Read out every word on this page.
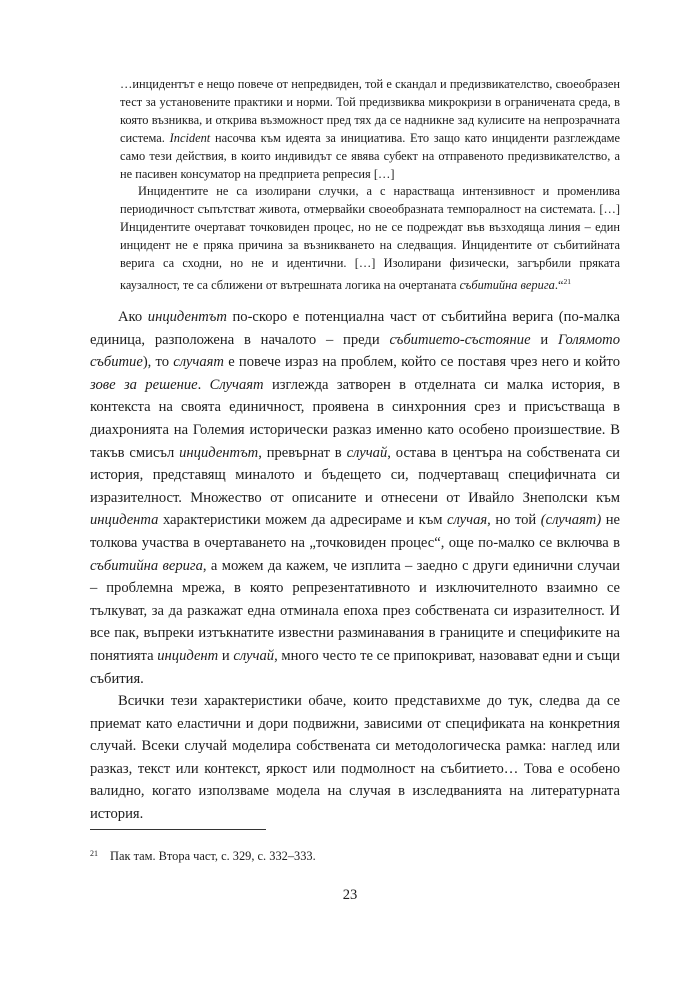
…инцидентът е нещо повече от непредвиден, той е скандал и предизвикателство, своеобразен тест за установените практики и норми. Той предизвиква микрокризи в ограничената среда, в която възниква, и открива възможност пред тях да се надникне зад кулисите на непрозрачната система. Incident насочва към идеята за инициатива. Ето защо като инциденти разглеждаме само тези действия, в които индивидът се явява субект на отправеното предизвикателство, а не пасивен консуматор на предприета репресия […]

Инцидентите не са изолирани случки, а с нарастваща интензивност и променлива периодичност съпътстват живота, отмервайки своеобразната темпоралност на системата. […] Инцидентите очертават точковиден процес, но не се подреждат във възходяща линия – един инцидент не е пряка причина за възникването на следващия. Инцидентите от събитийната верига са сходни, но не и идентични. […] Изолирани физически, загърбили пряката каузалност, те са сближени от вътрешната логика на очертаната събитийна верига.“$^{21}$

Ако инцидентът по-скоро е потенциална част от събитийна верига (по-малка единица, разположена в началото – преди събитието-състояние и Голямото събитие), то случаят е повече израз на проблем, който се поставя чрез него и който зове за решение. Случаят изглежда затворен в отделната си малка история, в контекста на своята единичност, проявена в синхронния срез и присъстваща в диахронията на Големия исторически разказ именно като особено произшествие. В такъв смисъл инцидентът, превърнат в случай, остава в центъра на собствената си история, представящ миналото и бъдещето си, подчертаващ специфичната си изразителност. Множество от описаните и отнесени от Ивайло Знеполски към инцидента характеристики можем да адресираме и към случая, но той (случаят) не толкова участва в очертаването на „точковиден процес“, още по-малко се включва в събитийна верига, а можем да кажем, че изплита – заедно с други единични случаи – проблемна мрежа, в която репрезентативното и изключителното взаимно се тълкуват, за да разкажат една отминала епоха през собствената си изразителност. И все пак, въпреки изтъкнатите известни разминавания в границите и спецификите на понятията инцидент и случай, много често те се припокриват, назовават едни и същи събития.

Всички тези характеристики обаче, които представихме до тук, следва да се приемат като еластични и дори подвижни, зависими от спецификата на конкретния случай. Всеки случай моделира собствената си методологическа рамка: наглед или разказ, текст или контекст, яркост или подмолност на събитието… Това е особено валидно, когато използваме модела на случая в изследванията на литературната история.

$^{21}$ Пак там. Втора част, с. 329, с. 332–333.
23
